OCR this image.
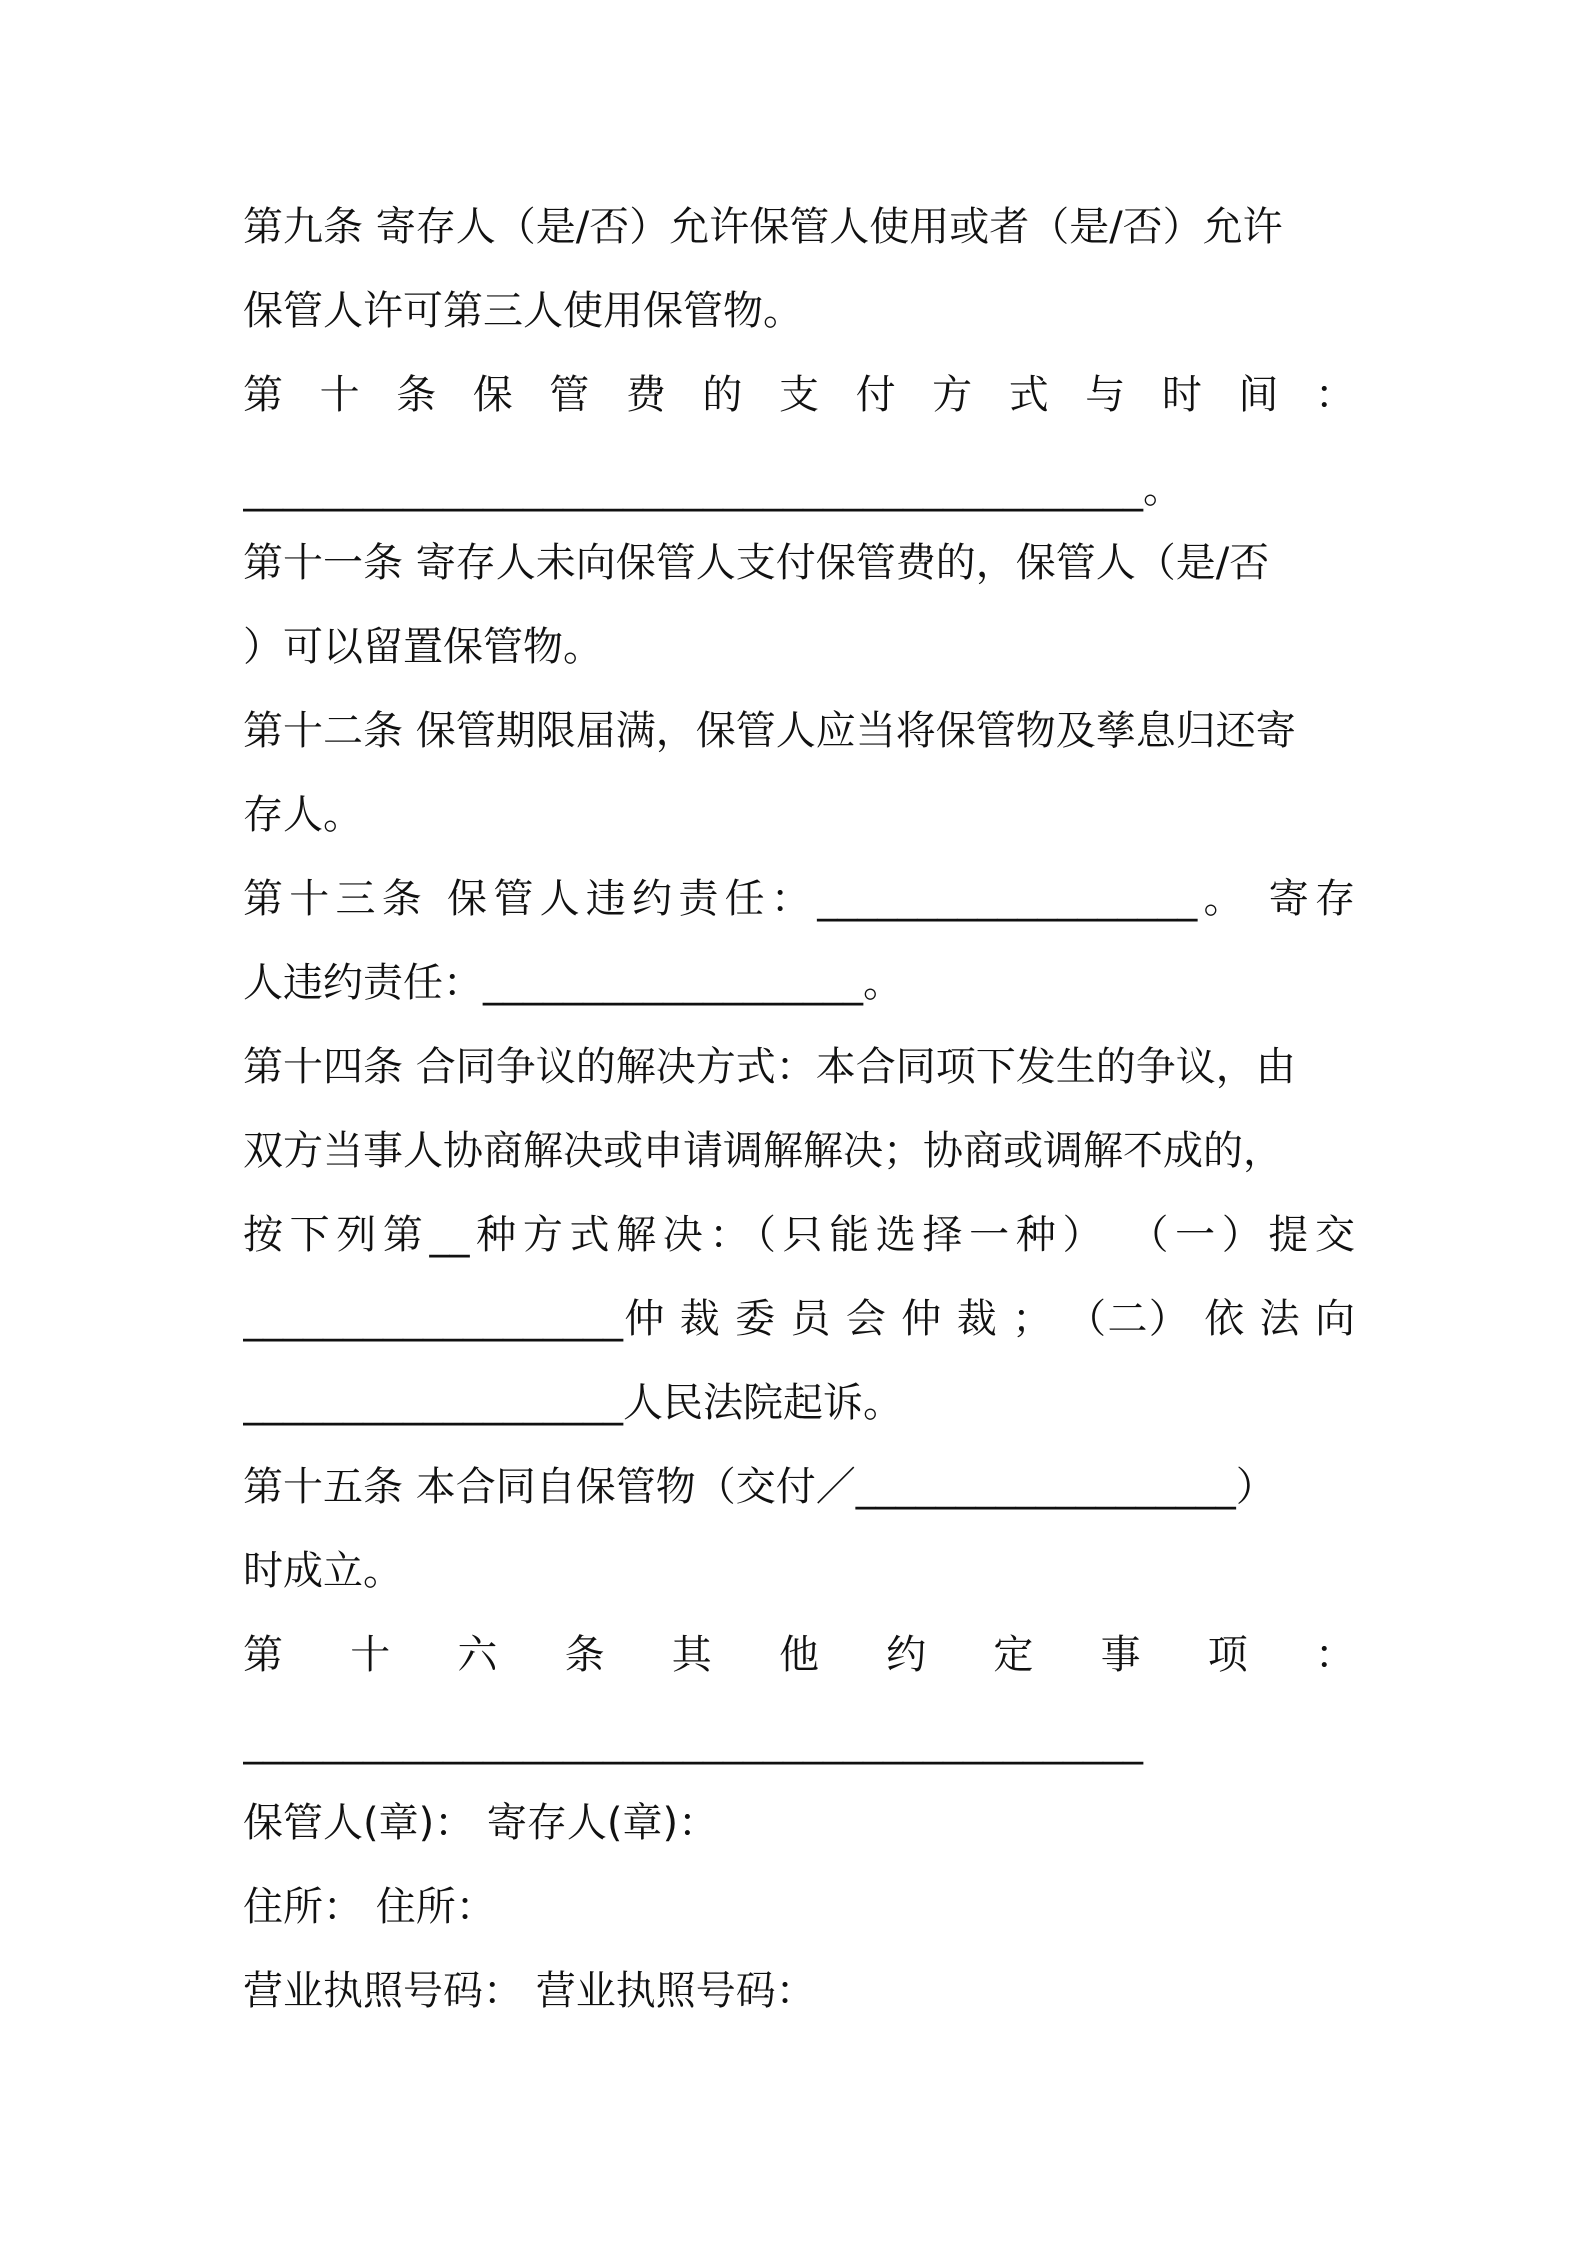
第九条 寄存人（是/否）允许保管人使用或者（是/否）允许
保管人许可第三人使用保管物。
第 十 条 保 管 费 的 支 付 方 式 与 时 间 ：
_____________________________________________。
第十一条 寄存人未向保管人支付保管费的，保管人（是/否
）可以留置保管物。
第十二条 保管期限届满，保管人应当将保管物及孳息归还寄
存人。
第十三条 保管人违约责任：___________________。 寄存
人违约责任：___________________。
第十四条 合同争议的解决方式：本合同项下发生的争议，由
双方当事人协商解决或申请调解解决；协商或调解不成的，
按下列第__种方式解决：（只能选择一种） （一）提交
___________________仲 裁 委 员 会 仲 裁 ； （二） 依 法 向
___________________人民法院起诉。
第十五条 本合同自保管物（交付／___________________）
时成立。
第 十 六 条 其 他 约 定 事 项 ：
_____________________________________________
保管人(章)： 寄存人(章)：
住所： 住所：
营业执照号码： 营业执照号码：
